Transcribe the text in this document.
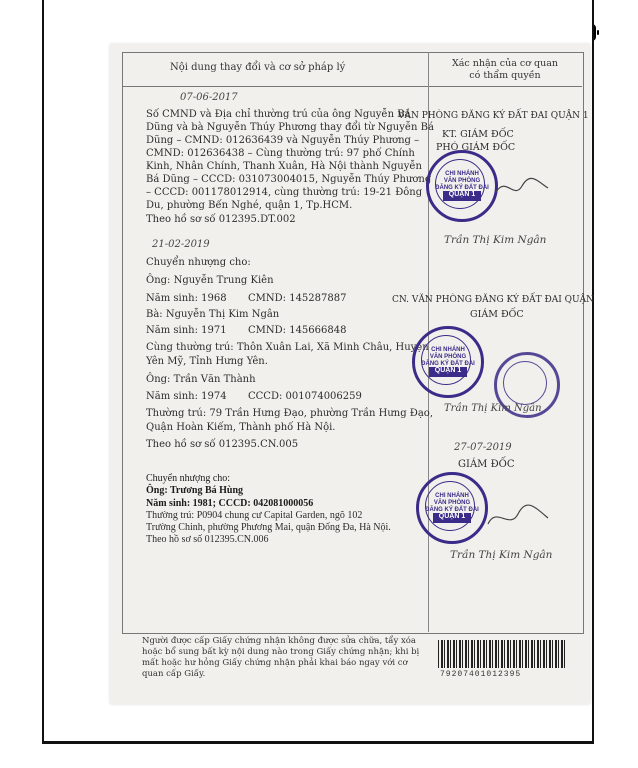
Nội dung thay đổi và cơ sở pháp lý	Xác nhận của cơ quan
có thẩm quyền
07-06-2017
Số CMND và Địa chỉ thường trú của ông Nguyễn Bá
Dũng và bà Nguyễn Thúy Phương thay đổi từ Nguyễn Bá
Dũng – CMND: 012636439 và Nguyễn Thúy Phương –
CMND: 012636438 – Cùng thường trú: 97 phố Chính
Kinh, Nhân Chính, Thanh Xuân, Hà Nội thành Nguyễn
Bá Dũng – CCCD: 031073004015, Nguyễn Thúy Phương
– CCCD: 001178012914, cùng thường trú: 19-21 Đông
Du, phường Bến Nghé, quận 1, Tp.HCM.
Theo hồ sơ số 012395.DT.002
VĂN PHÒNG ĐĂNG KÝ ĐẤT ĐAI QUẬN 1
KT. GIÁM ĐỐC
PHÓ GIÁM ĐỐC
CHI NHÁNH
VĂN PHÒNG
ĐĂNG KÝ ĐẤT ĐAI
QUẬN 1
Trần Thị Kim Ngân
21-02-2019
Chuyển nhượng cho:
Ông: Nguyễn Trung Kiên
Năm sinh: 1968 CMND: 145287887
Bà: Nguyễn Thị Kim Ngân
Năm sinh: 1971 CMND: 145666848
Cùng thường trú: Thôn Xuân Lai, Xã Minh Châu, Huyện
Yên Mỹ, Tỉnh Hưng Yên.
Ông: Trần Văn Thành
Năm sinh: 1974 CCCD: 001074006259
Thường trú: 79 Trần Hưng Đạo, phường Trần Hưng Đạo,
Quận Hoàn Kiếm, Thành phố Hà Nội.
Theo hồ sơ số 012395.CN.005
CN. VĂN PHÒNG ĐĂNG KÝ ĐẤT ĐAI QUẬN
GIÁM ĐỐC
CHI NHÁNH
VĂN PHÒNG
ĐĂNG KÝ ĐẤT ĐAI
QUẬN 1
Trần Thị Kim Ngân
27-07-2019
GIÁM ĐỐC
Chuyển nhượng cho:
Ông: Trương Bá Hùng
Năm sinh: 1981; CCCD: 042081000056
Thường trú: P0904 chung cư Capital Garden, ngõ 102
Trường Chinh, phường Phương Mai, quận Đống Đa, Hà Nội.
Theo hồ sơ số 012395.CN.006
CHI NHÁNH
VĂN PHÒNG
ĐĂNG KÝ ĐẤT ĐAI
QUẬN 1
Trần Thị Kim Ngân
Người được cấp Giấy chứng nhận không được sửa chữa, tẩy xóa hoặc bổ sung bất kỳ nội dung nào trong Giấy chứng nhận; khi bị mất hoặc hư hỏng Giấy chứng nhận phải khai báo ngay với cơ quan cấp Giấy.	79207401012395
